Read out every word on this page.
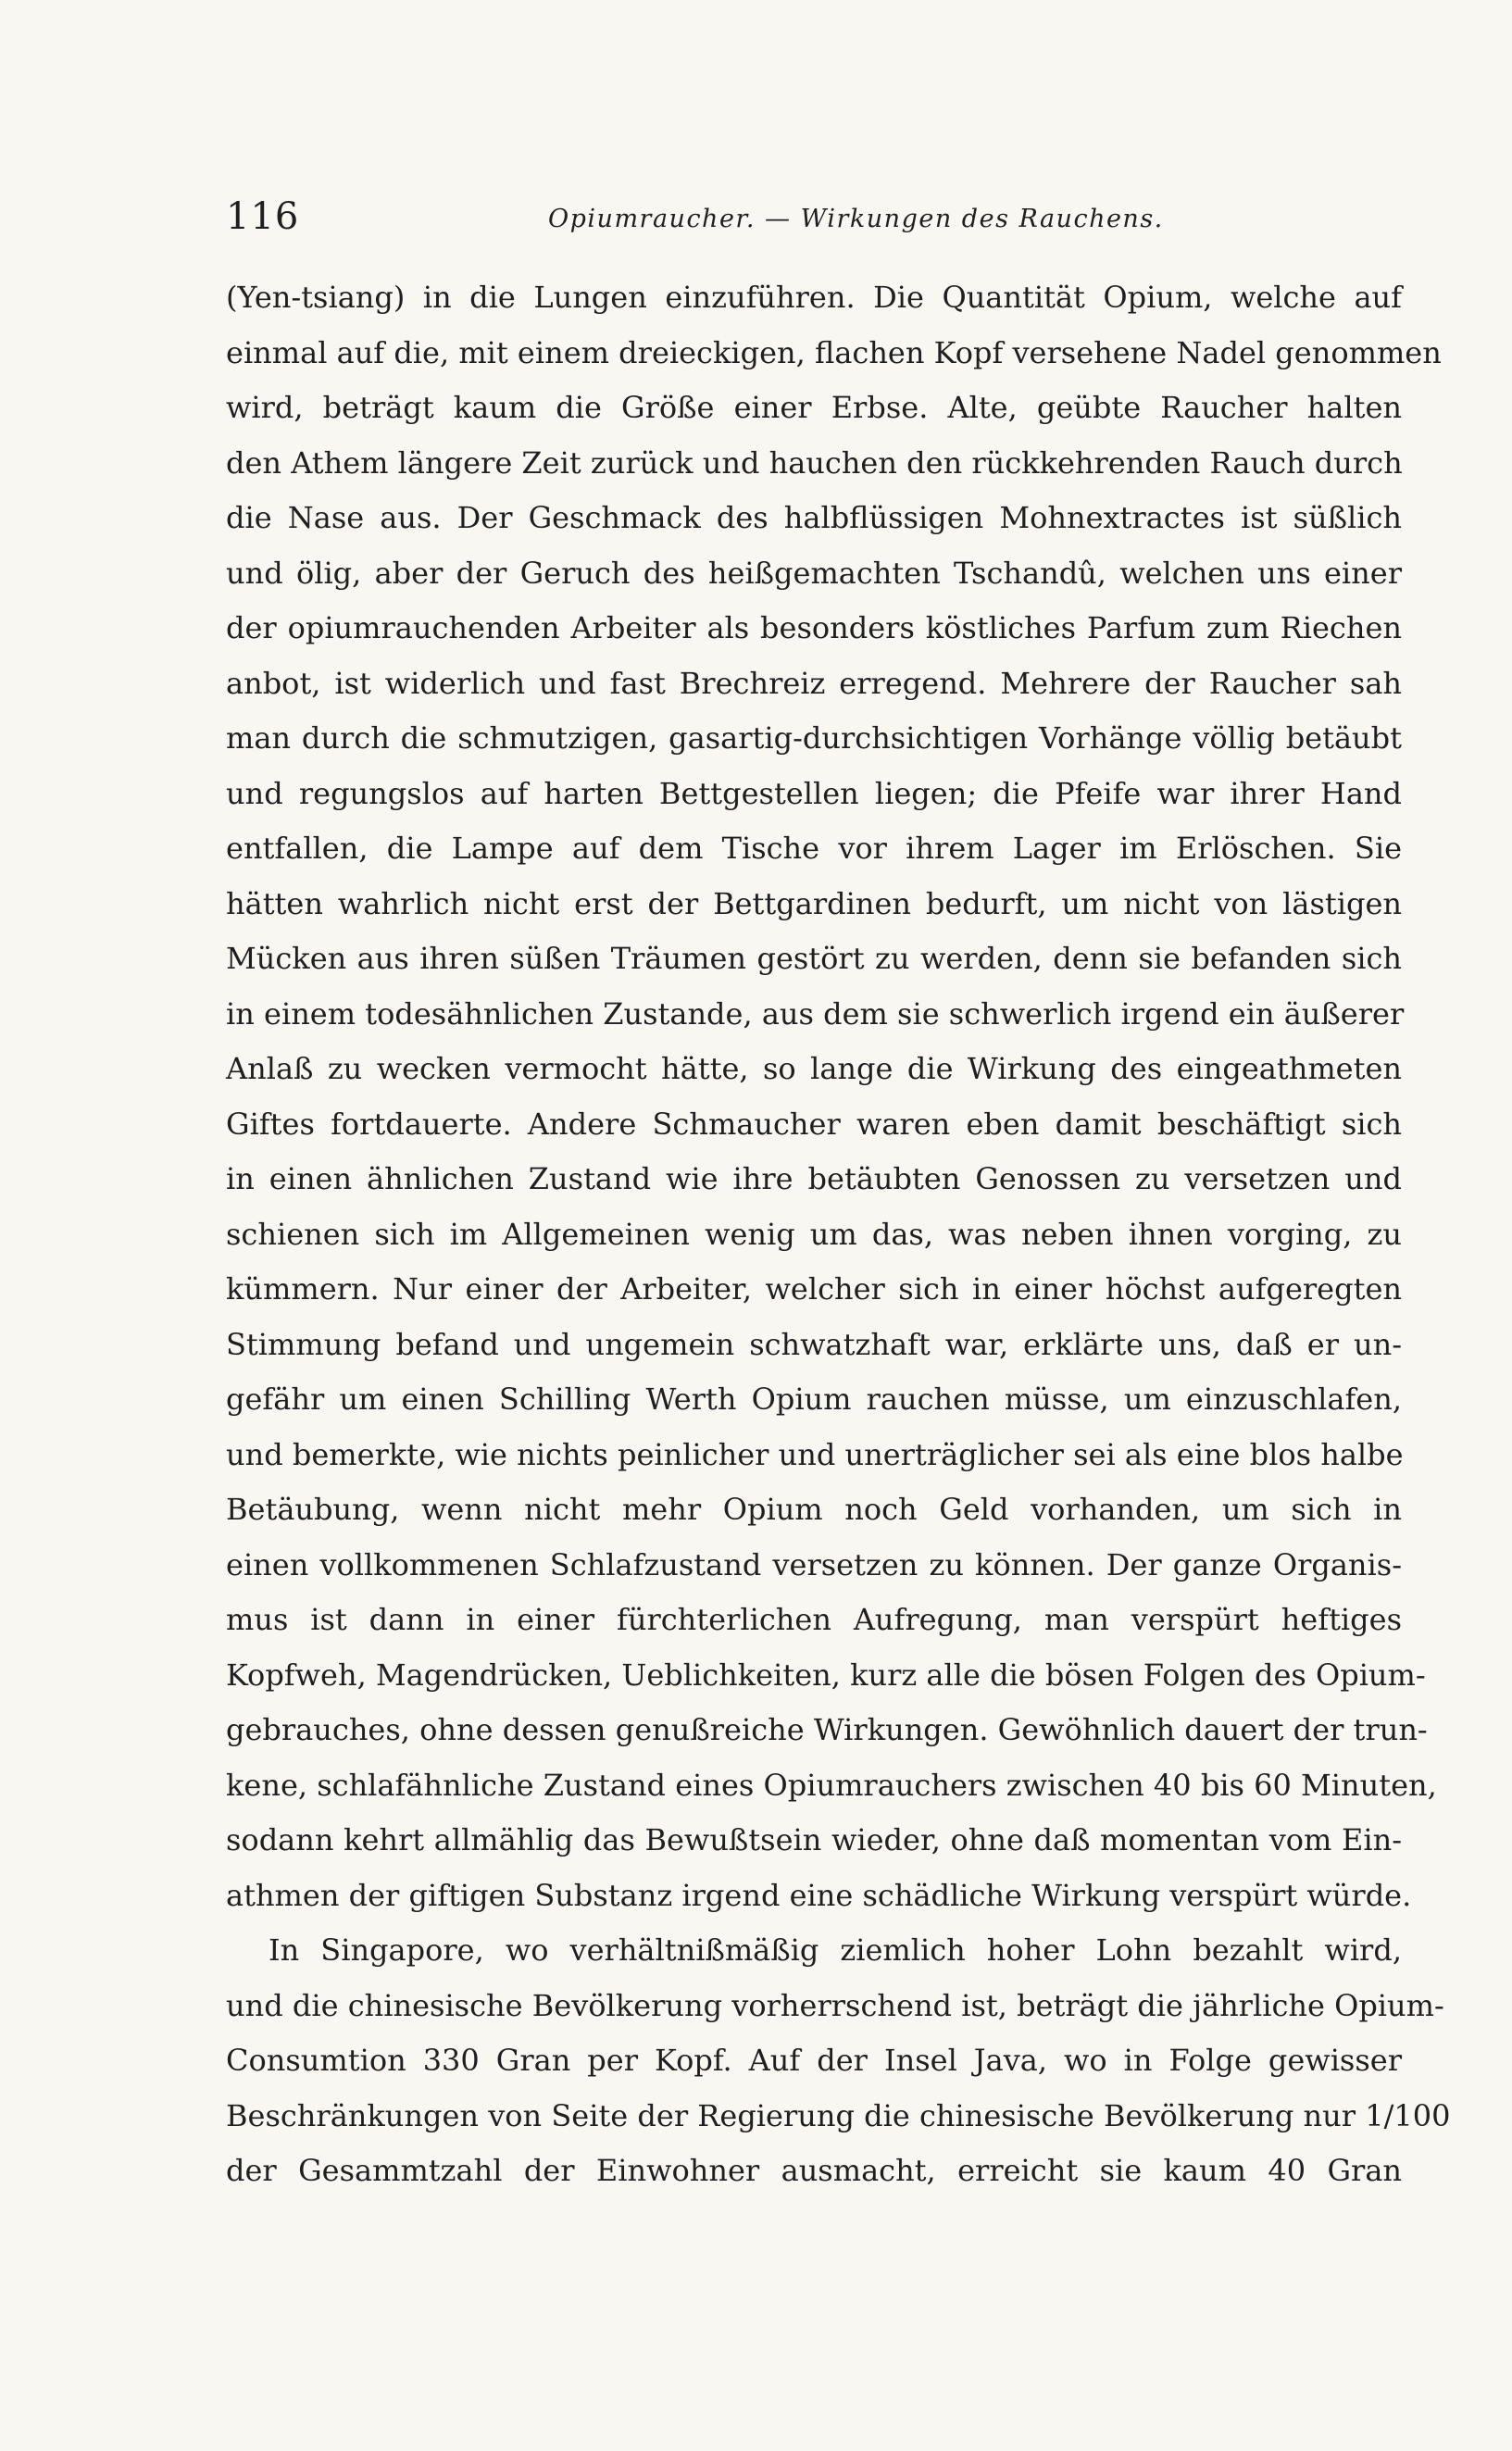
116	Opiumraucher. — Wirkungen des Rauchens.
(Yen-tsiang) in die Lungen einzuführen. Die Quantität Opium, welche auf
einmal auf die, mit einem dreieckigen, flachen Kopf versehene Nadel genommen
wird, beträgt kaum die Größe einer Erbse. Alte, geübte Raucher halten
den Athem längere Zeit zurück und hauchen den rückkehrenden Rauch durch
die Nase aus. Der Geschmack des halbflüssigen Mohnextractes ist süßlich
und ölig, aber der Geruch des heißgemachten Tschandû, welchen uns einer
der opiumrauchenden Arbeiter als besonders köstliches Parfum zum Riechen
anbot, ist widerlich und fast Brechreiz erregend. Mehrere der Raucher sah
man durch die schmutzigen, gasartig-durchsichtigen Vorhänge völlig betäubt
und regungslos auf harten Bettgestellen liegen; die Pfeife war ihrer Hand
entfallen, die Lampe auf dem Tische vor ihrem Lager im Erlöschen. Sie
hätten wahrlich nicht erst der Bettgardinen bedurft, um nicht von lästigen
Mücken aus ihren süßen Träumen gestört zu werden, denn sie befanden sich
in einem todesähnlichen Zustande, aus dem sie schwerlich irgend ein äußerer
Anlaß zu wecken vermocht hätte, so lange die Wirkung des eingeathmeten
Giftes fortdauerte. Andere Schmaucher waren eben damit beschäftigt sich
in einen ähnlichen Zustand wie ihre betäubten Genossen zu versetzen und
schienen sich im Allgemeinen wenig um das, was neben ihnen vorging, zu
kümmern. Nur einer der Arbeiter, welcher sich in einer höchst aufgeregten
Stimmung befand und ungemein schwatzhaft war, erklärte uns, daß er un-
gefähr um einen Schilling Werth Opium rauchen müsse, um einzuschlafen,
und bemerkte, wie nichts peinlicher und unerträglicher sei als eine blos halbe
Betäubung, wenn nicht mehr Opium noch Geld vorhanden, um sich in
einen vollkommenen Schlafzustand versetzen zu können. Der ganze Organis-
mus ist dann in einer fürchterlichen Aufregung, man verspürt heftiges
Kopfweh, Magendrücken, Ueblichkeiten, kurz alle die bösen Folgen des Opium-
gebrauches, ohne dessen genußreiche Wirkungen. Gewöhnlich dauert der trun-
kene, schlafähnliche Zustand eines Opiumrauchers zwischen 40 bis 60 Minuten,
sodann kehrt allmählig das Bewußtsein wieder, ohne daß momentan vom Ein-
athmen der giftigen Substanz irgend eine schädliche Wirkung verspürt würde.
In Singapore, wo verhältnißmäßig ziemlich hoher Lohn bezahlt wird,
und die chinesische Bevölkerung vorherrschend ist, beträgt die jährliche Opium-
Consumtion 330 Gran per Kopf. Auf der Insel Java, wo in Folge gewisser
Beschränkungen von Seite der Regierung die chinesische Bevölkerung nur 1/100
der Gesammtzahl der Einwohner ausmacht, erreicht sie kaum 40 Gran
